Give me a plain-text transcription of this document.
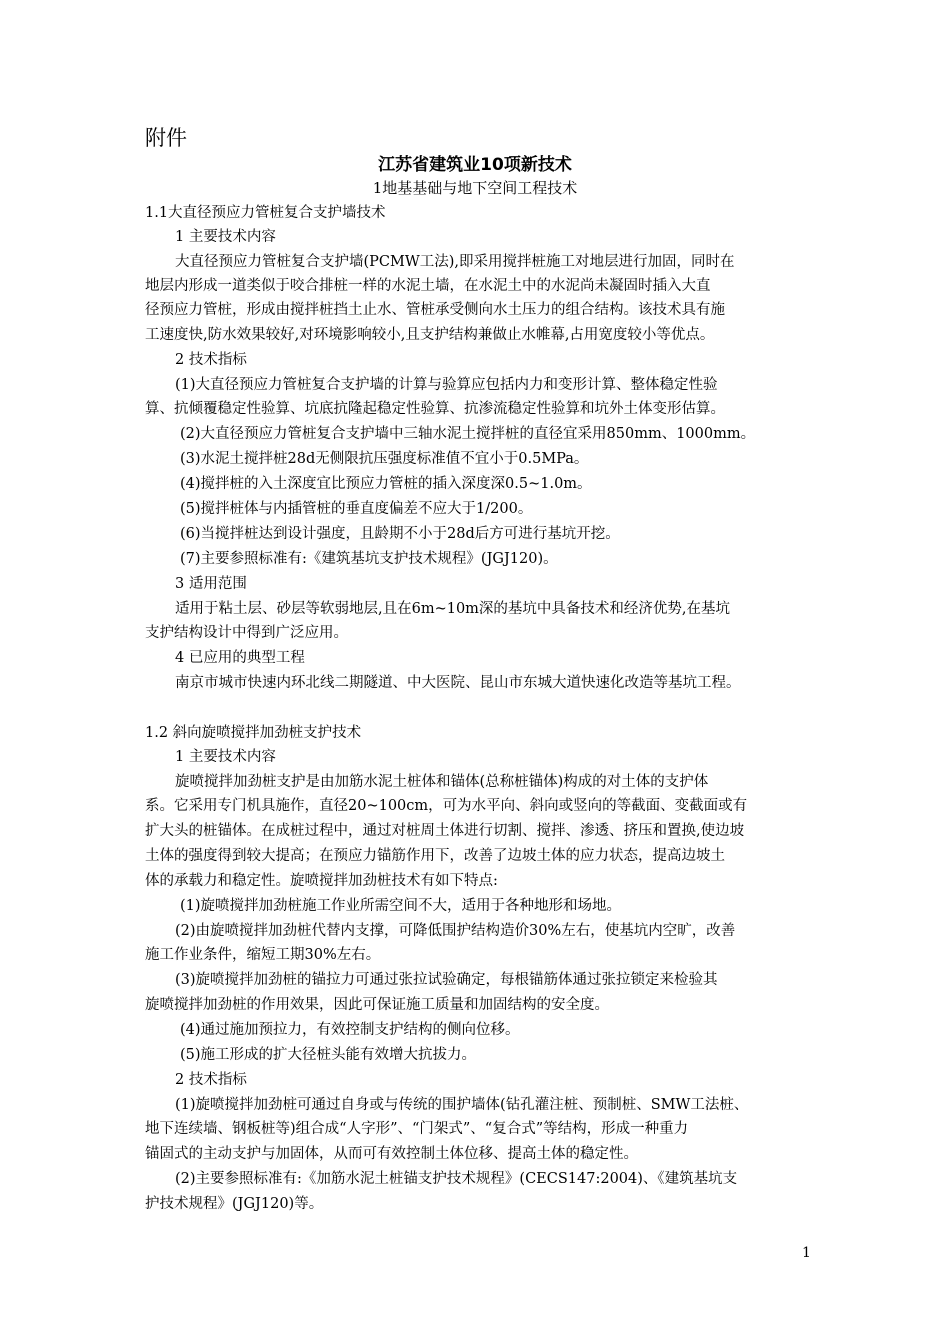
附件
江苏省建筑业10项新技术
1地基基础与地下空间工程技术
1.1大直径预应力管桩复合支护墙技术
1 主要技术内容
大直径预应力管桩复合支护墙(PCMW工法),即采用搅拌桩施工对地层进行加固，同时在
地层内形成一道类似于咬合排桩一样的水泥土墙，在水泥土中的水泥尚未凝固时插入大直
径预应力管桩，形成由搅拌桩挡土止水、管桩承受侧向水土压力的组合结构。该技术具有施
工速度快,防水效果较好,对环境影响较小,且支护结构兼做止水帷幕,占用宽度较小等优点。
2 技术指标
(1)大直径预应力管桩复合支护墙的计算与验算应包括内力和变形计算、整体稳定性验
算、抗倾覆稳定性验算、坑底抗隆起稳定性验算、抗渗流稳定性验算和坑外土体变形估算。
(2)大直径预应力管桩复合支护墙中三轴水泥土搅拌桩的直径宜采用850mm、1000mm。
(3)水泥土搅拌桩28d无侧限抗压强度标准值不宜小于0.5MPa。
(4)搅拌桩的入土深度宜比预应力管桩的插入深度深0.5~1.0m。
(5)搅拌桩体与内插管桩的垂直度偏差不应大于1/200。
(6)当搅拌桩达到设计强度，且龄期不小于28d后方可进行基坑开挖。
(7)主要参照标准有:《建筑基坑支护技术规程》(JGJ120)。
3 适用范围
适用于粘土层、砂层等软弱地层,且在6m~10m深的基坑中具备技术和经济优势,在基坑
支护结构设计中得到广泛应用。
4 已应用的典型工程
南京市城市快速内环北线二期隧道、中大医院、昆山市东城大道快速化改造等基坑工程。
1.2 斜向旋喷搅拌加劲桩支护技术
1 主要技术内容
旋喷搅拌加劲桩支护是由加筋水泥土桩体和锚体(总称桩锚体)构成的对土体的支护体
系。它采用专门机具施作，直径20~100cm，可为水平向、斜向或竖向的等截面、变截面或有
扩大头的桩锚体。在成桩过程中，通过对桩周土体进行切割、搅拌、渗透、挤压和置换,使边坡
土体的强度得到较大提高；在预应力锚筋作用下，改善了边坡土体的应力状态，提高边坡土
体的承载力和稳定性。旋喷搅拌加劲桩技术有如下特点:
(1)旋喷搅拌加劲桩施工作业所需空间不大，适用于各种地形和场地。
(2)由旋喷搅拌加劲桩代替内支撑，可降低围护结构造价30%左右，使基坑内空旷，改善
施工作业条件，缩短工期30%左右。
(3)旋喷搅拌加劲桩的锚拉力可通过张拉试验确定，每根锚筋体通过张拉锁定来检验其
旋喷搅拌加劲桩的作用效果，因此可保证施工质量和加固结构的安全度。
(4)通过施加预拉力，有效控制支护结构的侧向位移。
(5)施工形成的扩大径桩头能有效增大抗拔力。
2 技术指标
(1)旋喷搅拌加劲桩可通过自身或与传统的围护墙体(钻孔灌注桩、预制桩、SMW工法桩、
地下连续墙、钢板桩等)组合成“人字形”、“门架式”、“复合式”等结构，形成一种重力
锚固式的主动支护与加固体，从而可有效控制土体位移、提高土体的稳定性。
(2)主要参照标准有:《加筋水泥土桩锚支护技术规程》(CECS147:2004)、《建筑基坑支
护技术规程》(JGJ120)等。
1
